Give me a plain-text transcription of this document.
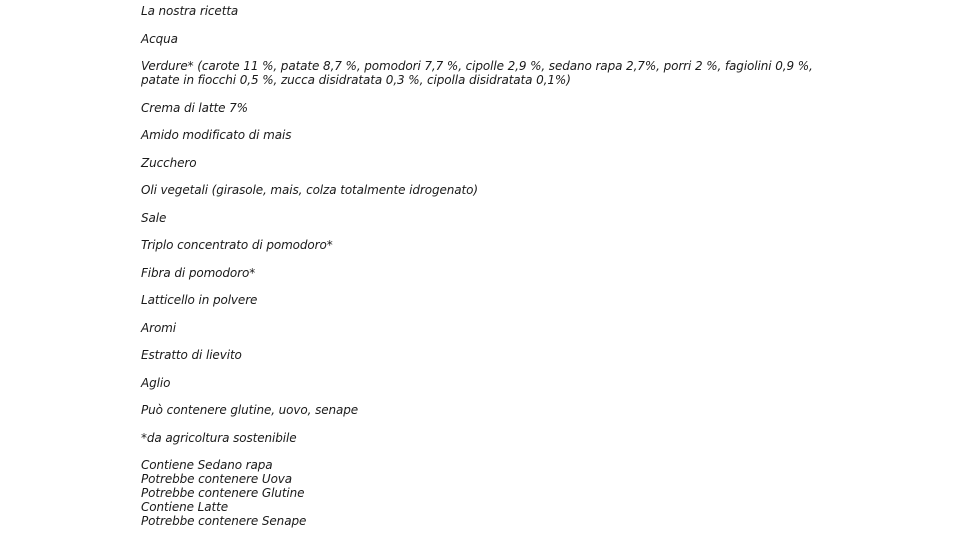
La nostra ricetta

Acqua

Verdure* (carote 11 %, patate 8,7 %, pomodori 7,7 %, cipolle 2,9 %, sedano rapa 2,7%, porri 2 %, fagiolini 0,9 %, patate in fiocchi 0,5 %, zucca disidratata 0,3 %, cipolla disidratata 0,1%)

Crema di latte 7%

Amido modificato di mais

Zucchero

Oli vegetali (girasole, mais, colza totalmente idrogenato)

Sale

Triplo concentrato di pomodoro*

Fibra di pomodoro*

Latticello in polvere

Aromi

Estratto di lievito

Aglio

Può contenere glutine, uovo, senape

*da agricoltura sostenibile

Contiene Sedano rapa
Potrebbe contenere Uova
Potrebbe contenere Glutine
Contiene Latte
Potrebbe contenere Senape
